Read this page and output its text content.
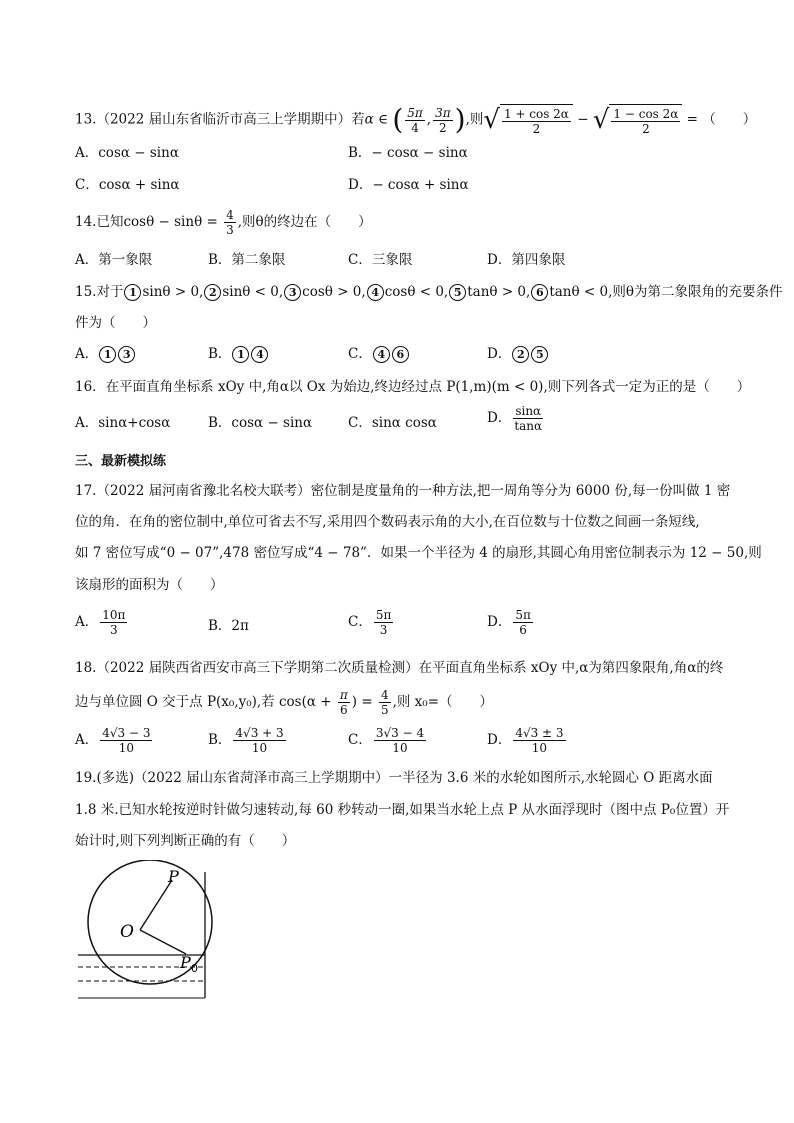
13.（2022 届山东省临沂市高三上学期期中）若α ∈ ( $\frac{5\pi}{4}$ , $\frac{3\pi}{2}$ ),则√ $\frac{1 + \cos 2\alpha}{2}$ − √ $\frac{1 - \cos 2\alpha}{2}$ = （　　）
A．cosα − sinα	B．− cosα − sinα
C．cosα + sinα	D．− cosα + sinα
14.已知$\cos\theta - \sin\theta = \frac{4}{3}$ ,则θ的终边在（　　）
A．第一象限	B．第二象限	C．三象限	D．第四象限
15.对于 1 sinθ > 0, 2 sinθ < 0, 3 cosθ > 0, 4 cosθ < 0, 5 tanθ > 0, 6 tanθ < 0,则θ为第二象限角的充要条件
件为（　　）
A． 1 3	B． 1 4	C． 4 6	D． 2 5
16．在平面直角坐标系 xOy 中,角α以 Ox 为始边,终边经过点 P(1,m)(m < 0),则下列各式一定为正的是（　　）
A．sinα+cosα	B．cosα − sinα	C．sinα cosα	D． $\frac{\sin\alpha}{\tan\alpha}$
三、最新模拟练
17.（2022 届河南省豫北名校大联考）密位制是度量角的一种方法,把一周角等分为 6000 份,每一份叫做 1 密
位的角．在角的密位制中,单位可省去不写,采用四个数码表示角的大小,在百位数与十位数之间画一条短线,
如 7 密位写成“0 − 07”,478 密位写成“4 − 78”．如果一个半径为 4 的扇形,其圆心角用密位制表示为 12 − 50,则
该扇形的面积为（　　）
A． $\frac{10\pi}{3}$	B．2π	C． $\frac{5\pi}{3}$	D． $\frac{5\pi}{6}$
18.（2022 届陕西省西安市高三下学期第二次质量检测）在平面直角坐标系 xOy 中,α为第四象限角,角α的终
边与单位圆 O 交于点 P(x₀,y₀),若 $\cos(\alpha + \frac{\pi}{6}$ ) = $\frac{4}{5}$ ,则 x₀=（　　）
A． $\frac{4√3 - 3}{10}$	B． $\frac{4√3 + 3}{10}$	C． $\frac{3√3 - 4}{10}$	D． $\frac{4√3 \pm 3}{10}$
19.(多选)（2022 届山东省菏泽市高三上学期期中）一半径为 3.6 米的水轮如图所示,水轮圆心 O 距离水面
1.8 米.已知水轮按逆时针做匀速转动,每 60 秒转动一圈,如果当水轮上点 P 从水面浮现时（图中点 P₀位置）开
始计时,则下列判断正确的有（　　）
P
O
P 0
